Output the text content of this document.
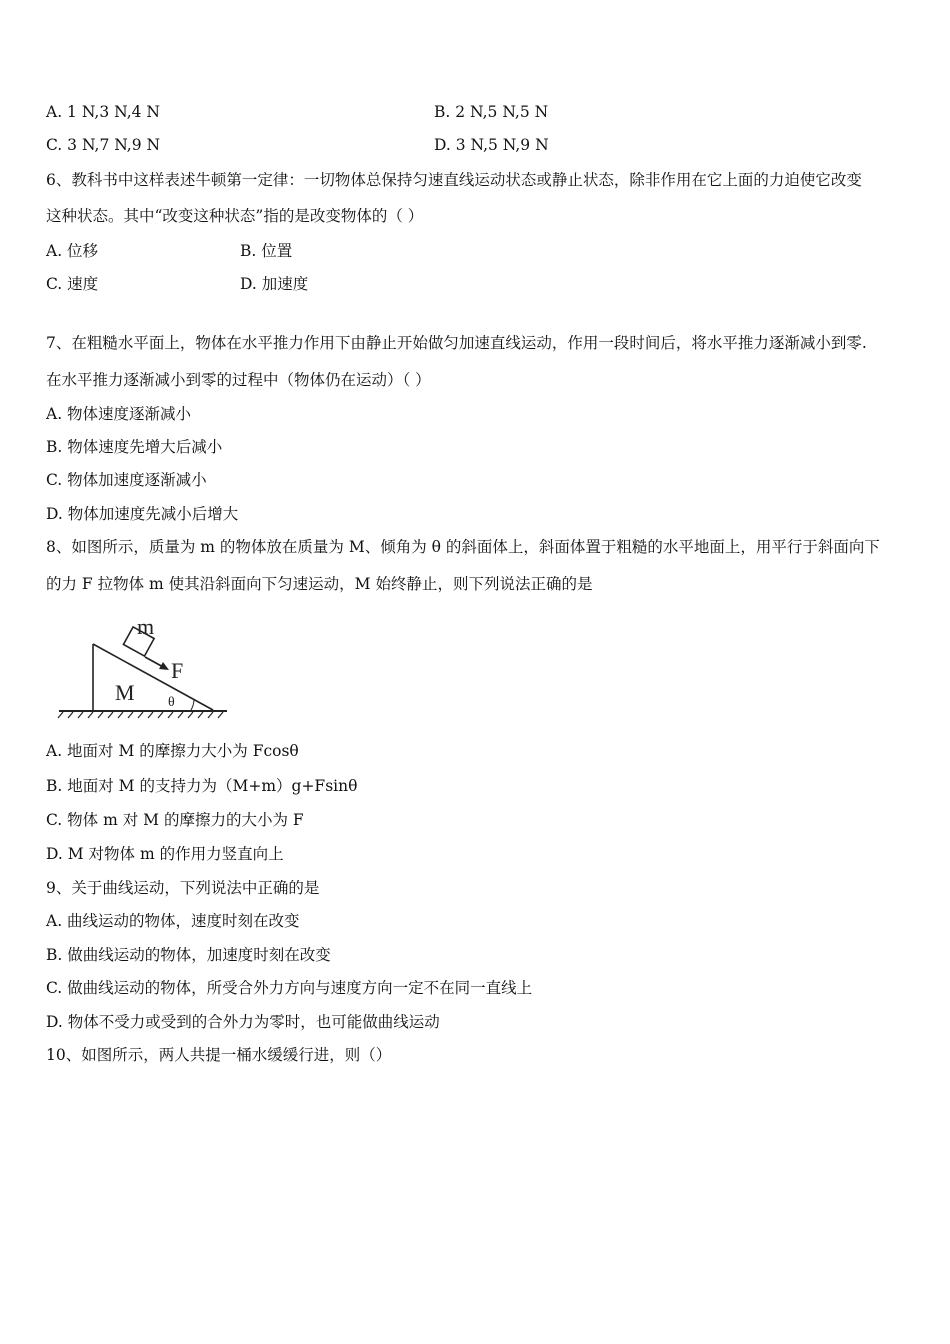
A. 1 N,3 N,4 N	B. 2 N,5 N,5 N
C. 3 N,7 N,9 N	D. 3 N,5 N,9 N
6、教科书中这样表述牛顿第一定律：一切物体总保持匀速直线运动状态或静止状态，除非作用在它上面的力迫使它改变
这种状态。其中“改变这种状态”指的是改变物体的（ ）
A. 位移	B. 位置
C. 速度	D. 加速度
7、在粗糙水平面上，物体在水平推力作用下由静止开始做匀加速直线运动，作用一段时间后，将水平推力逐渐减小到零.
在水平推力逐渐减小到零的过程中（物体仍在运动）（ ）
A. 物体速度逐渐减小
B. 物体速度先增大后减小
C. 物体加速度逐渐减小
D. 物体加速度先减小后增大
8、如图所示，质量为 m 的物体放在质量为 M、倾角为 θ 的斜面体上，斜面体置于粗糙的水平地面上，用平行于斜面向下
的力 F 拉物体 m 使其沿斜面向下匀速运动，M 始终静止，则下列说法正确的是
m
F
M θ
A. 地面对 M 的摩擦力大小为 Fcosθ
B. 地面对 M 的支持力为（M+m）g+Fsinθ
C. 物体 m 对 M 的摩擦力的大小为 F
D. M 对物体 m 的作用力竖直向上
9、关于曲线运动，下列说法中正确的是
A. 曲线运动的物体，速度时刻在改变
B. 做曲线运动的物体，加速度时刻在改变
C. 做曲线运动的物体，所受合外力方向与速度方向一定不在同一直线上
D. 物体不受力或受到的合外力为零时，也可能做曲线运动
10、如图所示，两人共提一桶水缓缓行进，则（）
